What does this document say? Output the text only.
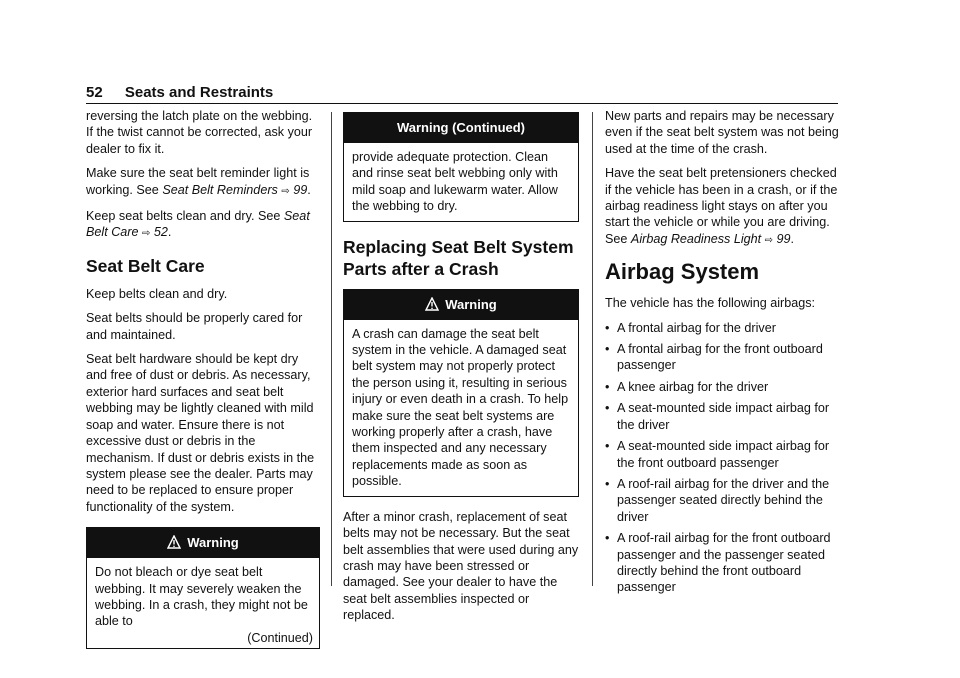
52 Seats and Restraints

reversing the latch plate on the webbing. If the twist cannot be corrected, ask your dealer to fix it.

Make sure the seat belt reminder light is working. See Seat Belt Reminders ⇨ 99.

Keep seat belts clean and dry. See Seat Belt Care ⇨ 52.

Seat Belt Care

Keep belts clean and dry.

Seat belts should be properly cared for and maintained.

Seat belt hardware should be kept dry and free of dust or debris. As necessary, exterior hard surfaces and seat belt webbing may be lightly cleaned with mild soap and water. Ensure there is not excessive dust or debris in the mechanism. If dust or debris exists in the system please see the dealer. Parts may need to be replaced to ensure proper functionality of the system.

Warning
Do not bleach or dye seat belt webbing. It may severely weaken the webbing. In a crash, they might not be able to
(Continued)
Warning (Continued)
provide adequate protection. Clean and rinse seat belt webbing only with mild soap and lukewarm water. Allow the webbing to dry.
Replacing Seat Belt System Parts after a Crash
Warning
A crash can damage the seat belt system in the vehicle. A damaged seat belt system may not properly protect the person using it, resulting in serious injury or even death in a crash. To help make sure the seat belt systems are working properly after a crash, have them inspected and any necessary replacements made as soon as possible.

After a minor crash, replacement of seat belts may not be necessary. But the seat belt assemblies that were used during any crash may have been stressed or damaged. See your dealer to have the seat belt assemblies inspected or replaced.

New parts and repairs may be necessary even if the seat belt system was not being used at the time of the crash.

Have the seat belt pretensioners checked if the vehicle has been in a crash, or if the airbag readiness light stays on after you start the vehicle or while you are driving. See Airbag Readiness Light ⇨ 99.

Airbag System

The vehicle has the following airbags:

• A frontal airbag for the driver
• A frontal airbag for the front outboard passenger
• A knee airbag for the driver
• A seat-mounted side impact airbag for the driver
• A seat-mounted side impact airbag for the front outboard passenger
• A roof-rail airbag for the driver and the passenger seated directly behind the driver
• A roof-rail airbag for the front outboard passenger and the passenger seated directly behind the front outboard passenger
